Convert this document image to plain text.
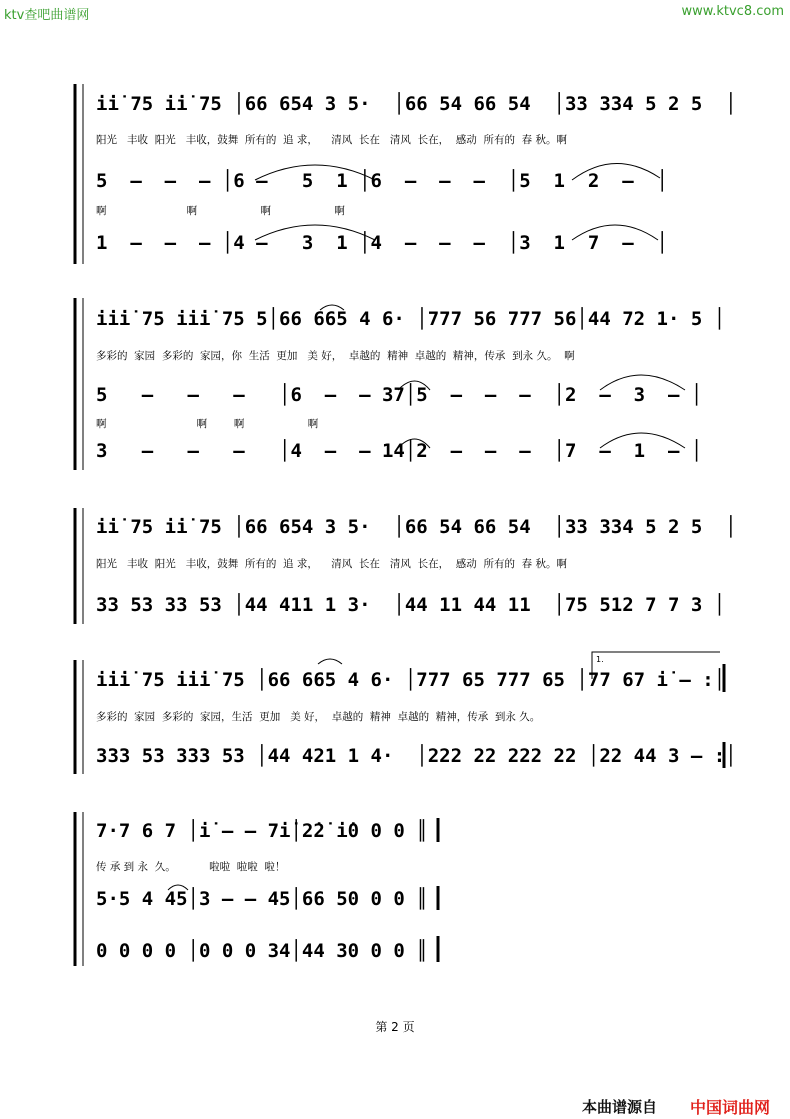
ktv查吧曲谱网	www.ktvc8.com
1.
i̇i̇ 75 i̇i̇ 75 │66 654 3 5·  │66 54 66 54  │33 334 5 2 5  │
阳光   丰收  阳光   丰收，鼓舞  所有的  追 求，    清风  长在   清风  长在，  感动  所有的  春 秋。啊
5  –  –  – │6 –   5  1 │6  –  –  –  │5  1  2  –  │
啊                        啊                   啊                   啊
1  –  –  – │4 –   3  1 │4  –  –  –  │3  1  7  –  │
i̇i̇i̇ 75 i̇i̇i̇ 75 5│66 665 4 6· │777 56 777 56│44 72 1· 5 │
多彩的  家园  多彩的  家园，你  生活  更加   美 好，  卓越的  精神  卓越的  精神，传承  到永 久。  啊
5   –   –   –   │6  –  – 37│5  –  –  –  │2  –  3  – │
啊                           啊        啊                   啊
3   –   –   –   │4  –  – 14│2  –  –  –  │7  –  1  – │
i̇i̇ 75 i̇i̇ 75 │66 654 3 5·  │66 54 66 54  │33 334 5 2 5  │
阳光   丰收  阳光   丰收，鼓舞  所有的  追 求，    清风  长在   清风  长在，  感动  所有的  春 秋。啊
33 53 33 53 │44 411 1 3·  │44 11 44 11  │75 512 7 7 3 │
i̇i̇i̇ 75 i̇i̇i̇ 75 │66 665 4 6· │777 65 777 65 │77 67 i̇ – :│
多彩的  家园  多彩的  家园，生活  更加   美 好，  卓越的  精神  卓越的  精神，传承  到永 久。
333 53 333 53 │44 421 1 4·  │222 22 222 22 │22 44 3 – :│
7·7 6 7 │i̇ – – 7i̇│2̇2̇ i̇0 0 0 ║
传 承 到 永  久。          啦啦  啦啦  啦！
5·5 4 45│3 – – 45│66 50 0 0 ║
0 0 0 0 │0 0 0 34│44 30 0 0 ║
第 2 页
本曲谱源自 中国词曲网
